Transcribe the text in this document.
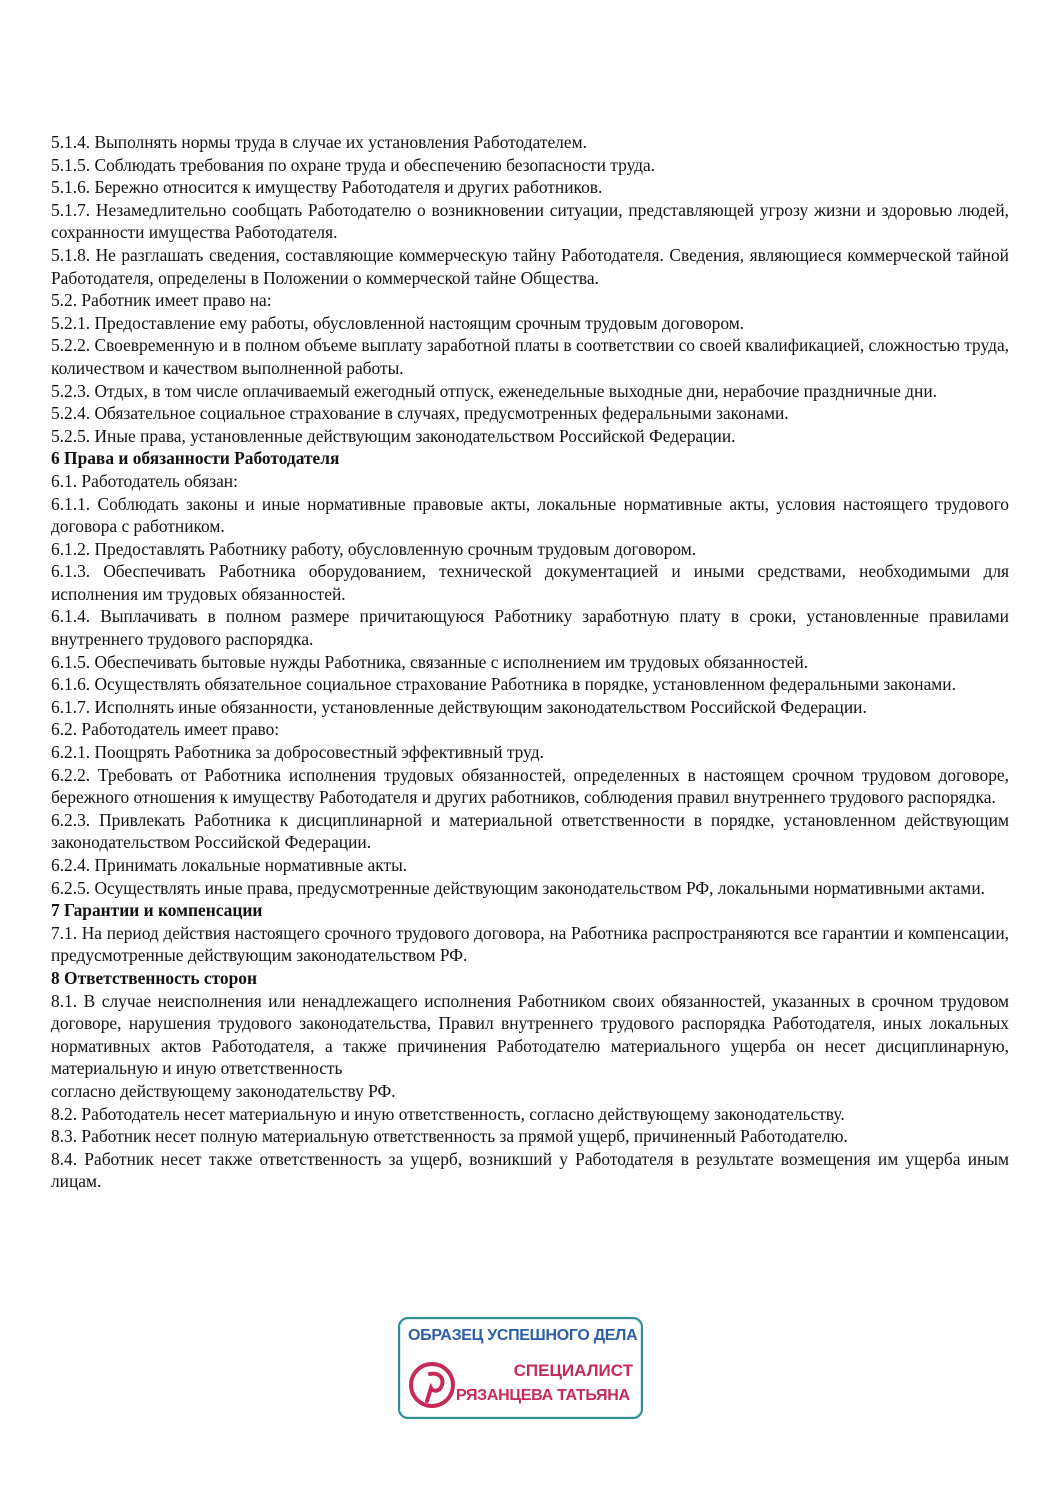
5.1.4. Выполнять нормы труда в случае их установления Работодателем.
5.1.5. Соблюдать требования по охране труда и обеспечению безопасности труда.
5.1.6. Бережно относится к имуществу Работодателя и других работников.
5.1.7. Незамедлительно сообщать Работодателю о возникновении ситуации, представляющей угрозу жизни и здоровью людей, сохранности имущества Работодателя.
5.1.8. Не разглашать сведения, составляющие коммерческую тайну Работодателя. Сведения, являющиеся коммерческой тайной Работодателя, определены в Положении о коммерческой тайне Общества.
5.2. Работник имеет право на:
5.2.1. Предоставление ему работы, обусловленной настоящим срочным трудовым договором.
5.2.2. Своевременную и в полном объеме выплату заработной платы в соответствии со своей квалификацией, сложностью труда, количеством и качеством выполненной работы.
5.2.3. Отдых, в том числе оплачиваемый ежегодный отпуск, еженедельные выходные дни, нерабочие праздничные дни.
5.2.4. Обязательное социальное страхование в случаях, предусмотренных федеральными законами.
5.2.5. Иные права, установленные действующим законодательством Российской Федерации.
6 Права и обязанности Работодателя
6.1. Работодатель обязан:
6.1.1. Соблюдать законы и иные нормативные правовые акты, локальные нормативные акты, условия настоящего трудового договора с работником.
6.1.2. Предоставлять Работнику работу, обусловленную срочным трудовым договором.
6.1.3. Обеспечивать Работника оборудованием, технической документацией и иными средствами, необходимыми для исполнения им трудовых обязанностей.
6.1.4. Выплачивать в полном размере причитающуюся Работнику заработную плату в сроки, установленные правилами внутреннего трудового распорядка.
6.1.5. Обеспечивать бытовые нужды Работника, связанные с исполнением им трудовых обязанностей.
6.1.6. Осуществлять обязательное социальное страхование Работника в порядке, установленном федеральными законами.
6.1.7. Исполнять иные обязанности, установленные действующим законодательством Российской Федерации.
6.2. Работодатель имеет право:
6.2.1. Поощрять Работника за добросовестный эффективный труд.
6.2.2. Требовать от Работника исполнения трудовых обязанностей, определенных в настоящем срочном трудовом договоре, бережного отношения к имуществу Работодателя и других работников, соблюдения правил внутреннего трудового распорядка.
6.2.3. Привлекать Работника к дисциплинарной и материальной ответственности в порядке, установленном действующим законодательством Российской Федерации.
6.2.4. Принимать локальные нормативные акты.
6.2.5. Осуществлять иные права, предусмотренные действующим законодательством РФ, локальными нормативными актами.
7 Гарантии и компенсации
7.1. На период действия настоящего срочного трудового договора, на Работника распространяются все гарантии и компенсации, предусмотренные действующим законодательством РФ.
8 Ответственность сторон
8.1. В случае неисполнения или ненадлежащего исполнения Работником своих обязанностей, указанных в срочном трудовом договоре, нарушения трудового законодательства, Правил внутреннего трудового распорядка Работодателя, иных локальных нормативных актов Работодателя, а также причинения Работодателю материального ущерба он несет дисциплинарную, материальную и иную ответственность
согласно действующему законодательству РФ.
8.2. Работодатель несет материальную и иную ответственность, согласно действующему законодательству.
8.3. Работник несет полную материальную ответственность за прямой ущерб, причиненный Работодателю.
8.4. Работник несет также ответственность за ущерб, возникший у Работодателя в результате возмещения им ущерба иным лицам.
ОБРАЗЕЦ УСПЕШНОГО ДЕЛА
СПЕЦИАЛИСТ
РЯЗАНЦЕВА ТАТЬЯНА
